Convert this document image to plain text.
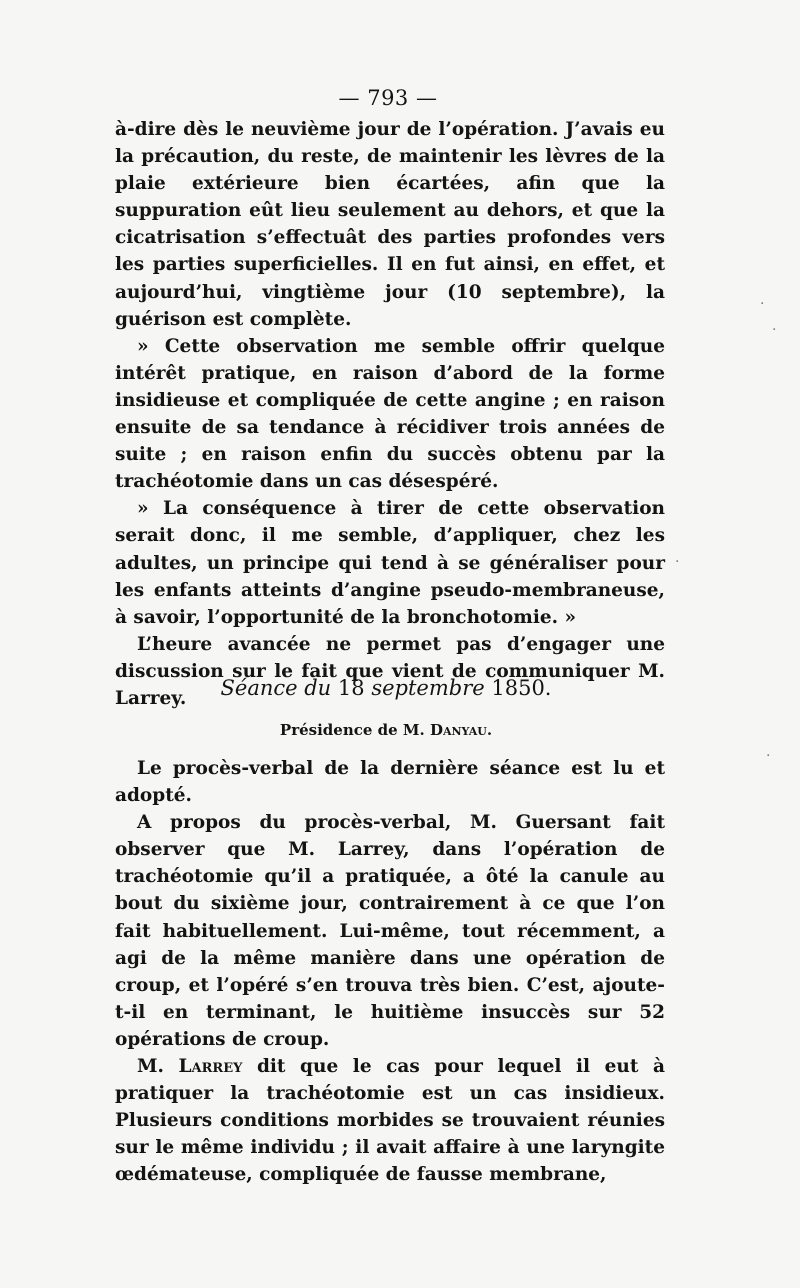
— 793 —

à-dire dès le neuvième jour de l’opération. J’avais eu la précaution, du reste, de maintenir les lèvres de la plaie extérieure bien écartées, afin que la suppuration eût lieu seulement au dehors, et que la cicatrisation s’effectuât des parties profondes vers les parties superficielles. Il en fut ainsi, en effet, et aujourd’hui, vingtième jour (10 septembre), la guérison est complète.

» Cette observation me semble offrir quelque intérêt pratique, en raison d’abord de la forme insidieuse et compliquée de cette angine ; en raison ensuite de sa tendance à récidiver trois années de suite ; en raison enfin du succès obtenu par la trachéotomie dans un cas désespéré.

» La conséquence à tirer de cette observation serait donc, il me semble, d’appliquer, chez les adultes, un principe qui tend à se généraliser pour les enfants atteints d’angine pseudo-membraneuse, à savoir, l’opportunité de la bronchotomie. »

L’heure avancée ne permet pas d’engager une discussion sur le fait que vient de communiquer M. Larrey.	Séance du 18 septembre 1850.
Présidence de M. Danyau.

Le procès-verbal de la dernière séance est lu et adopté.

A propos du procès-verbal, M. Guersant fait observer que M. Larrey, dans l’opération de trachéotomie qu’il a pratiquée, a ôté la canule au bout du sixième jour, contrairement à ce que l’on fait habituellement. Lui-même, tout récemment, a agi de la même manière dans une opération de croup, et l’opéré s’en trouva très bien. C’est, ajoute-t-il en terminant, le huitième insuccès sur 52 opérations de croup.

M. Larrey dit que le cas pour lequel il eut à pratiquer la trachéotomie est un cas insidieux. Plusieurs conditions morbides se trouvaient réunies sur le même individu ; il avait affaire à une laryngite œdémateuse, compliquée de fausse membrane,

·
·
·
·
